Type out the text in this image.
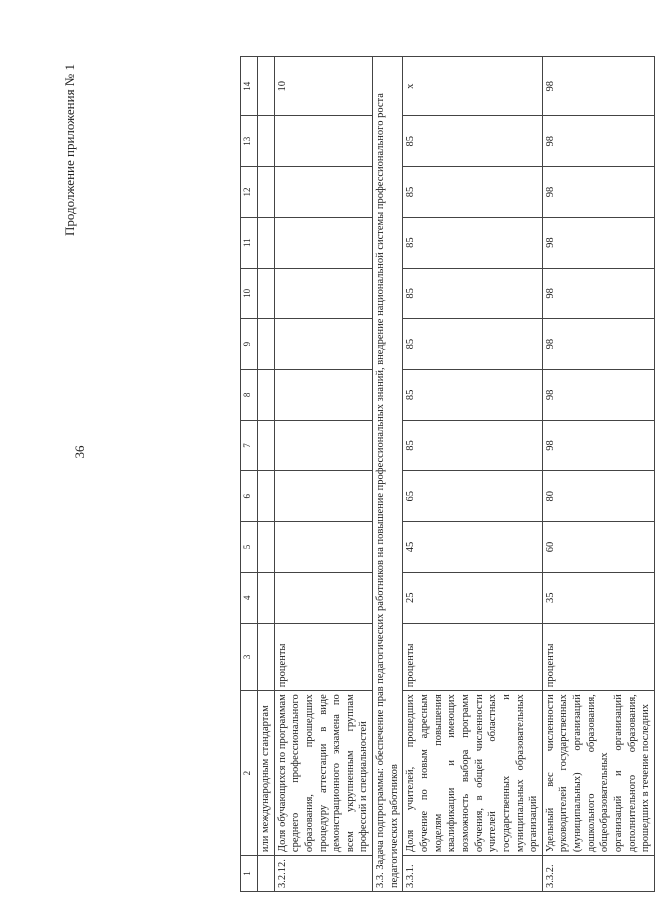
36
Продолжение приложения № 1
1	2	3	4	5	6	7	8	9	10	11	12	13	14
	или международным стандартам												
3.2.12.	Доля обучающихся по программам среднего профессионального образования, прошедших процедуру аттестации в виде демонстрационного экзамена по всем укрупненным группам профессий и специальностей	проценты											10
3.3. Задача подпрограммы: обеспечение прав педагогических работников на повышение профессиональных знаний, внедрение национальной системы профессионального роста педагогических работников													
3.3.1.	Доля учителей, прошедших обучение по новым адресным моделям повышения квалификации и имеющих возможность выбора программ обучения, в общей численности учителей областных государственных и муниципальных образовательных организаций	проценты	25	45	65	85	85	85	85	85	85	85	х
3.3.2.	Удельный вес численности руководителей государственных (муниципальных) организаций дошкольного образования, общеобразовательных организаций и организаций дополнительного образования, прошедших в течение последних	проценты	35	60	80	98	98	98	98	98	98	98	98
